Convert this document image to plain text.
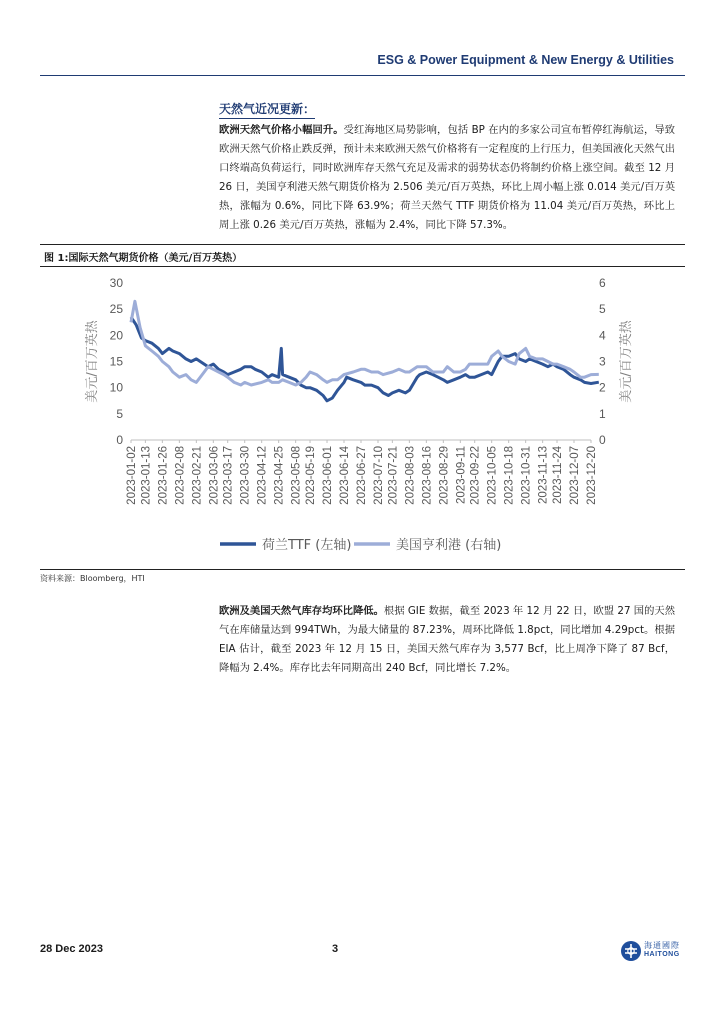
ESG & Power Equipment & New Energy & Utilities
天然气近况更新：
欧洲天然气价格小幅回升。受红海地区局势影响，包括 BP 在内的多家公司宣布暂停红海航运，导致欧洲天然气价格止跌反弹，预计未来欧洲天然气价格将有一定程度的上行压力，但美国液化天然气出口终端高负荷运行，同时欧洲库存天然气充足及需求的弱势状态仍将制约价格上涨空间。截至 12 月 26 日，美国亨利港天然气期货价格为 2.506 美元/百万英热，环比上周小幅上涨 0.014 美元/百万英热，涨幅为 0.6%，同比下降 63.9%；荷兰天然气 TTF 期货价格为 11.04 美元/百万英热，环比上周上涨 0.26 美元/百万英热，涨幅为 2.4%，同比下降 57.3%。
图 1:国际天然气期货价格（美元/百万英热）
0
5
10
15
20
25
30
0
1
2
3
4
5
6
美元/百万英热	美元/百万英热
2023-01-02 2023-01-13 2023-01-26 2023-02-08 2023-02-21 2023-03-06 2023-03-17 2023-03-30 2023-04-12 2023-04-25 2023-05-08 2023-05-19 2023-06-01 2023-06-14 2023-06-27 2023-07-10 2023-07-21 2023-08-03 2023-08-16 2023-08-29 2023-09-11 2023-09-22 2023-10-05 2023-10-18 2023-10-31 2023-11-13 2023-11-24 2023-12-07 2023-12-20
荷兰TTF (左轴)	美国亨利港 (右轴)
资料来源：Bloomberg，HTI
欧洲及美国天然气库存均环比降低。根据 GIE 数据，截至 2023 年 12 月 22 日，欧盟 27 国的天然气在库储量达到 994TWh，为最大储量的 87.23%，周环比降低 1.8pct，同比增加 4.29pct。根据 EIA 估计，截至 2023 年 12 月 15 日，美国天然气库存为 3,577 Bcf，比上周净下降了 87 Bcf，降幅为 2.4%。库存比去年同期高出 240 Bcf，同比增长 7.2%。
28 Dec 2023	3	海通國際
HAITONG
